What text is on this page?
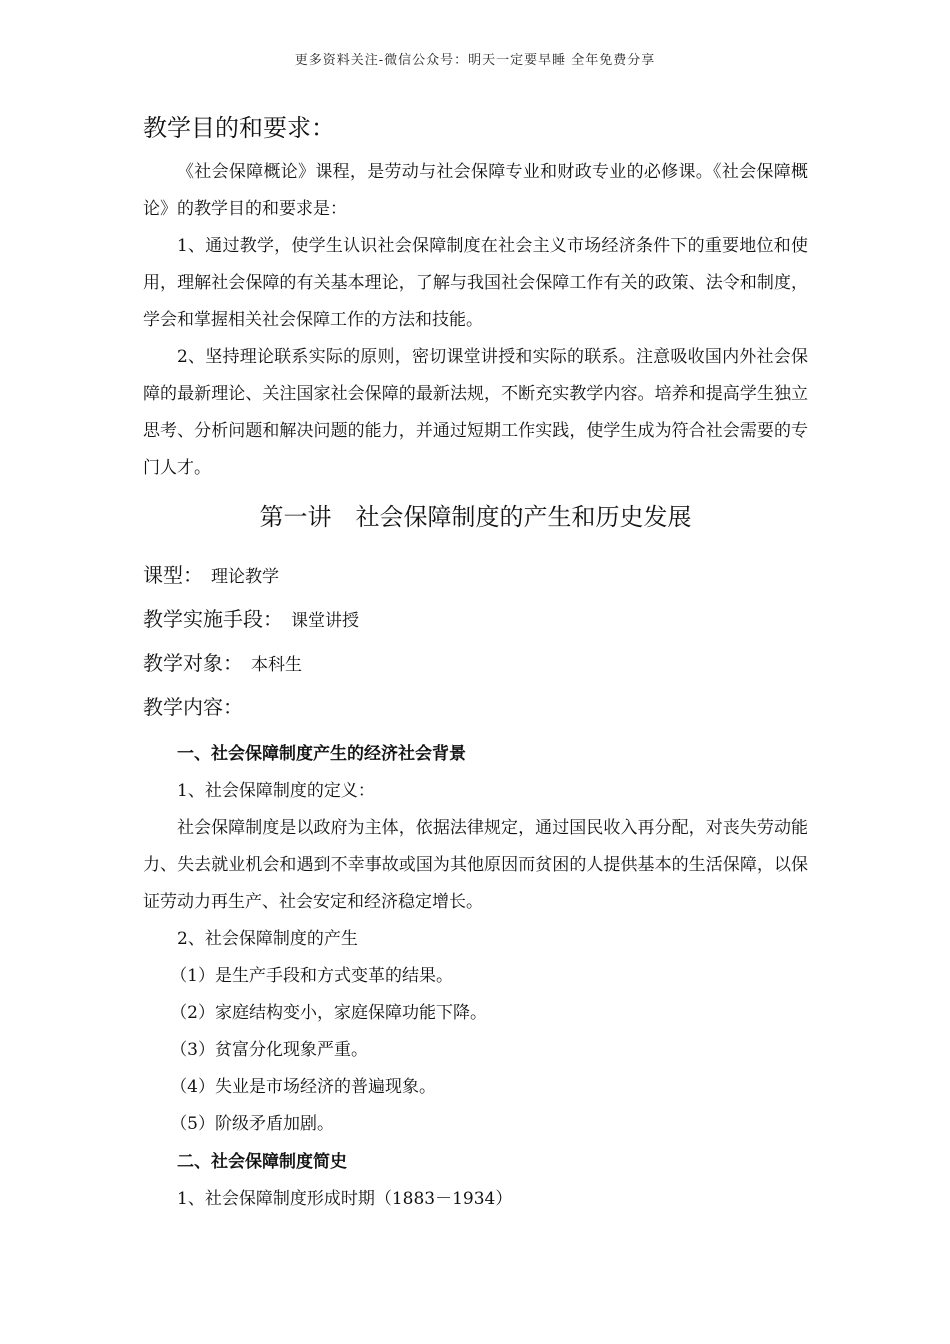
更多资料关注-微信公众号：明天一定要早睡 全年免费分享
教学目的和要求：

《社会保障概论》课程，是劳动与社会保障专业和财政专业的必修课。《社会保障概论》的教学目的和要求是：

1、通过教学，使学生认识社会保障制度在社会主义市场经济条件下的重要地位和使用，理解社会保障的有关基本理论，了解与我国社会保障工作有关的政策、法令和制度，学会和掌握相关社会保障工作的方法和技能。

2、坚持理论联系实际的原则，密切课堂讲授和实际的联系。注意吸收国内外社会保障的最新理论、关注国家社会保障的最新法规，不断充实教学内容。培养和提高学生独立思考、分析问题和解决问题的能力，并通过短期工作实践，使学生成为符合社会需要的专门人才。

第一讲　社会保障制度的产生和历史发展
课型： 理论教学
教学实施手段： 课堂讲授
教学对象： 本科生
教学内容：

一、社会保障制度产生的经济社会背景

1、社会保障制度的定义：

社会保障制度是以政府为主体，依据法律规定，通过国民收入再分配，对丧失劳动能力、失去就业机会和遇到不幸事故或国为其他原因而贫困的人提供基本的生活保障，以保证劳动力再生产、社会安定和经济稳定增长。

2、社会保障制度的产生

（1）是生产手段和方式变革的结果。

（2）家庭结构变小，家庭保障功能下降。

（3）贫富分化现象严重。

（4）失业是市场经济的普遍现象。

（5）阶级矛盾加剧。

二、社会保障制度简史

1、社会保障制度形成时期（1883－1934）
